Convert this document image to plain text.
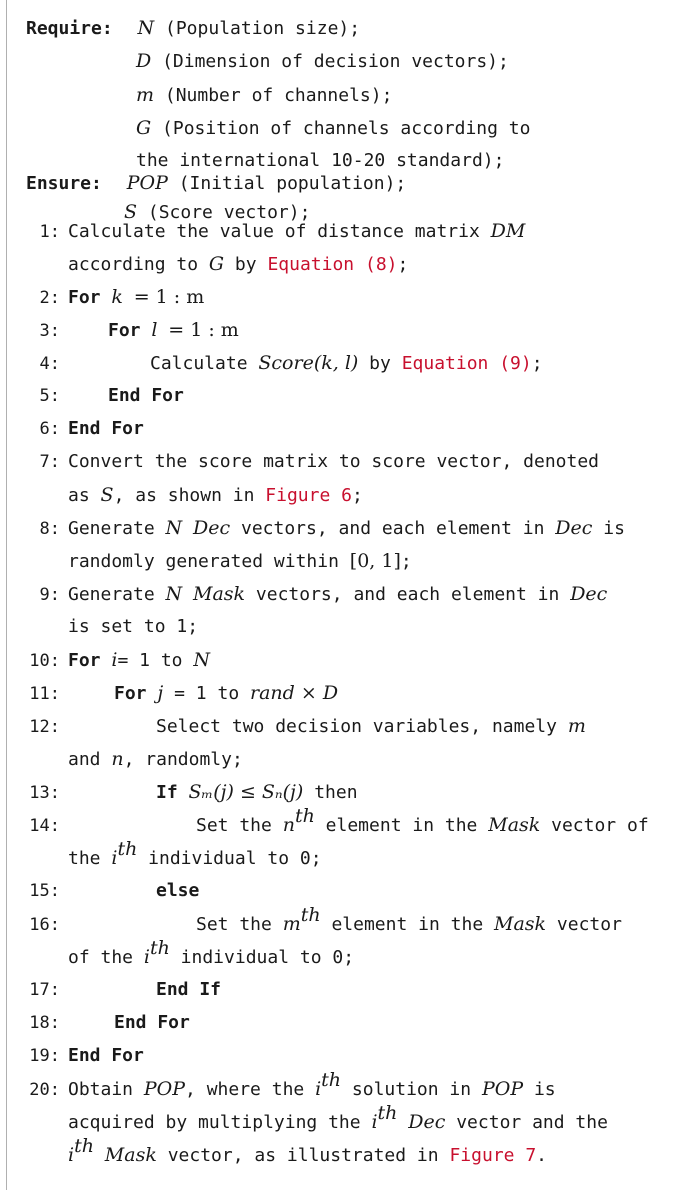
Require: N (Population size);
D (Dimension of decision vectors);
m (Number of channels);
G (Position of channels according to
the international 10-20 standard);
Ensure: POP (Initial population);
S (Score vector);
1: Calculate the value of distance matrix DM
according to G by Equation (8);
2: For k = 1 : m
3:	For l = 1 : m
4:	Calculate Score(k, l) by Equation (9);
5:	End For
6: End For
7: Convert the score matrix to score vector, denoted
as S, as shown in Figure 6;
8: Generate N Dec vectors, and each element in Dec is
randomly generated within [0, 1];
9: Generate N Mask vectors, and each element in Dec
is set to 1;
10: For i= 1 to N
11:	For j = 1 to rand × D
12:	Select two decision variables, namely m
and n, randomly;
13:	If Sₘ(j) ≤ Sₙ(j) then
14:	Set the $n^{th}$ element in the Mask vector of
the $i^{th}$ individual to 0;
15:	else
16:	Set the $m^{th}$ element in the Mask vector
of the $i^{th}$ individual to 0;
17:	End If
18:	End For
19: End For
20: Obtain POP, where the $i^{th}$ solution in POP is
acquired by multiplying the $i^{th}$ Dec vector and the
$i^{th}$ Mask vector, as illustrated in Figure 7.
